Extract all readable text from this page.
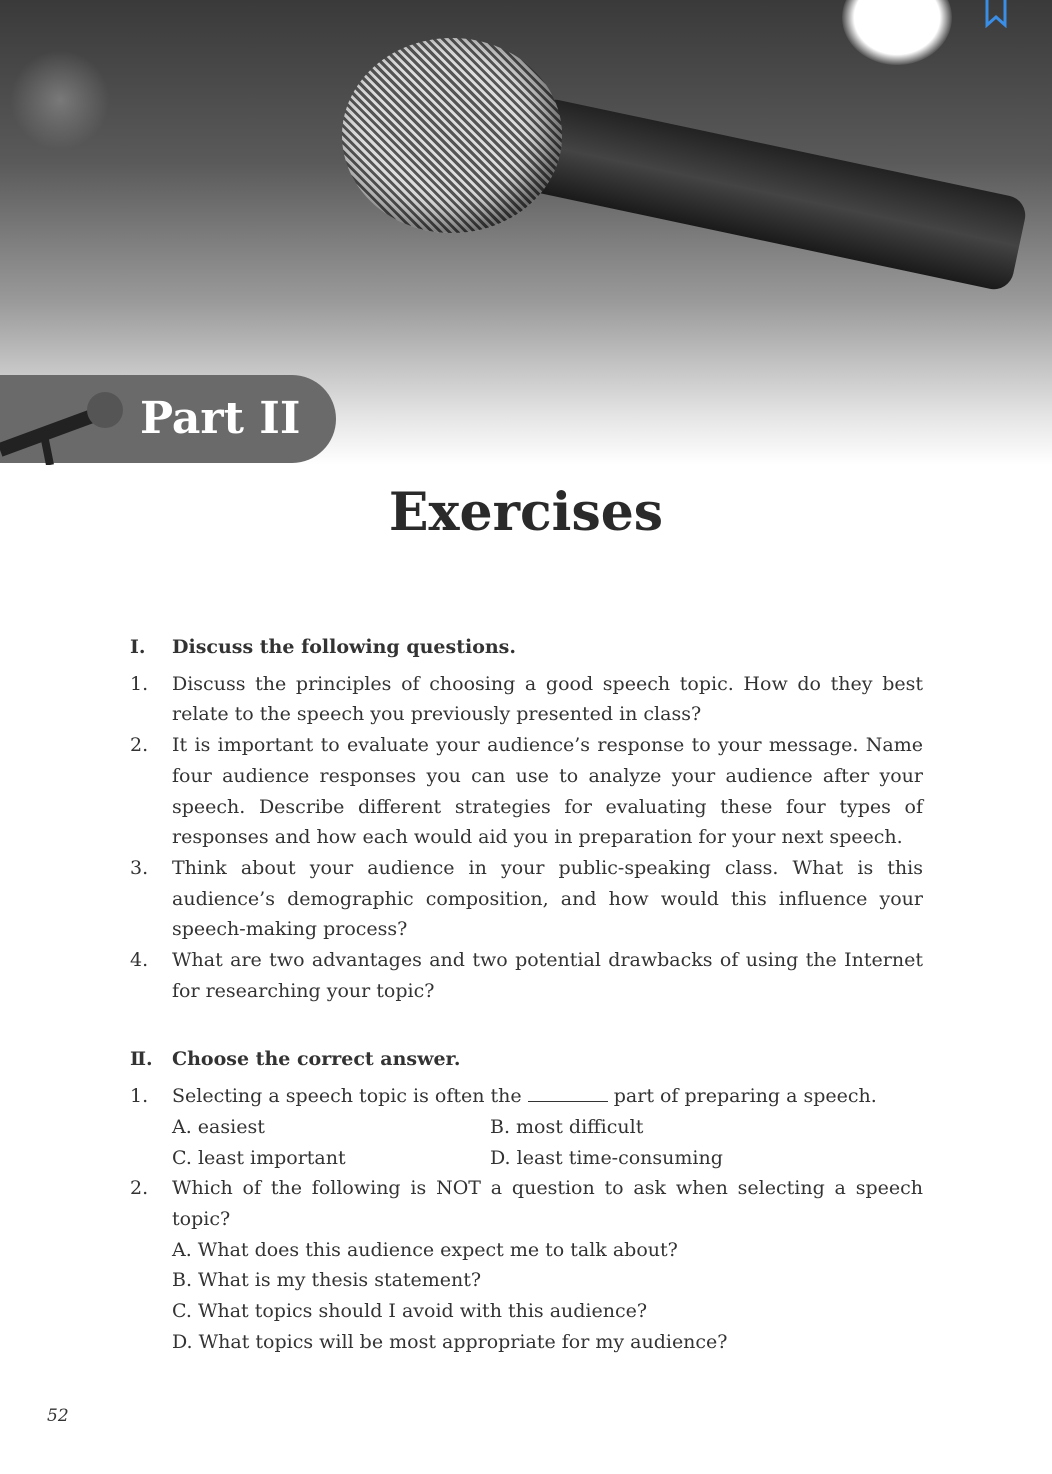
Part II
Exercises
I.	Discuss the following questions.
1.	Discuss the principles of choosing a good speech topic. How do they best relate to the speech you previously presented in class?
2.	It is important to evaluate your audience’s response to your message. Name four audience responses you can use to analyze your audience after your speech. Describe different strategies for evaluating these four types of responses and how each would aid you in preparation for your next speech.
3.	Think about your audience in your public-speaking class. What is this audience’s demographic composition, and how would this influence your speech-making process?
4.	What are two advantages and two potential drawbacks of using the Internet for researching your topic?
Ⅱ.	Choose the correct answer.
1.	Selecting a speech topic is often the	part of preparing a speech.
A. easiest	B. most difficult
C. least important	D. least time-consuming
2.	Which of the following is NOT a question to ask when selecting a speech topic?
A. What does this audience expect me to talk about?
B. What is my thesis statement?
C. What topics should I avoid with this audience?
D. What topics will be most appropriate for my audience?
52
